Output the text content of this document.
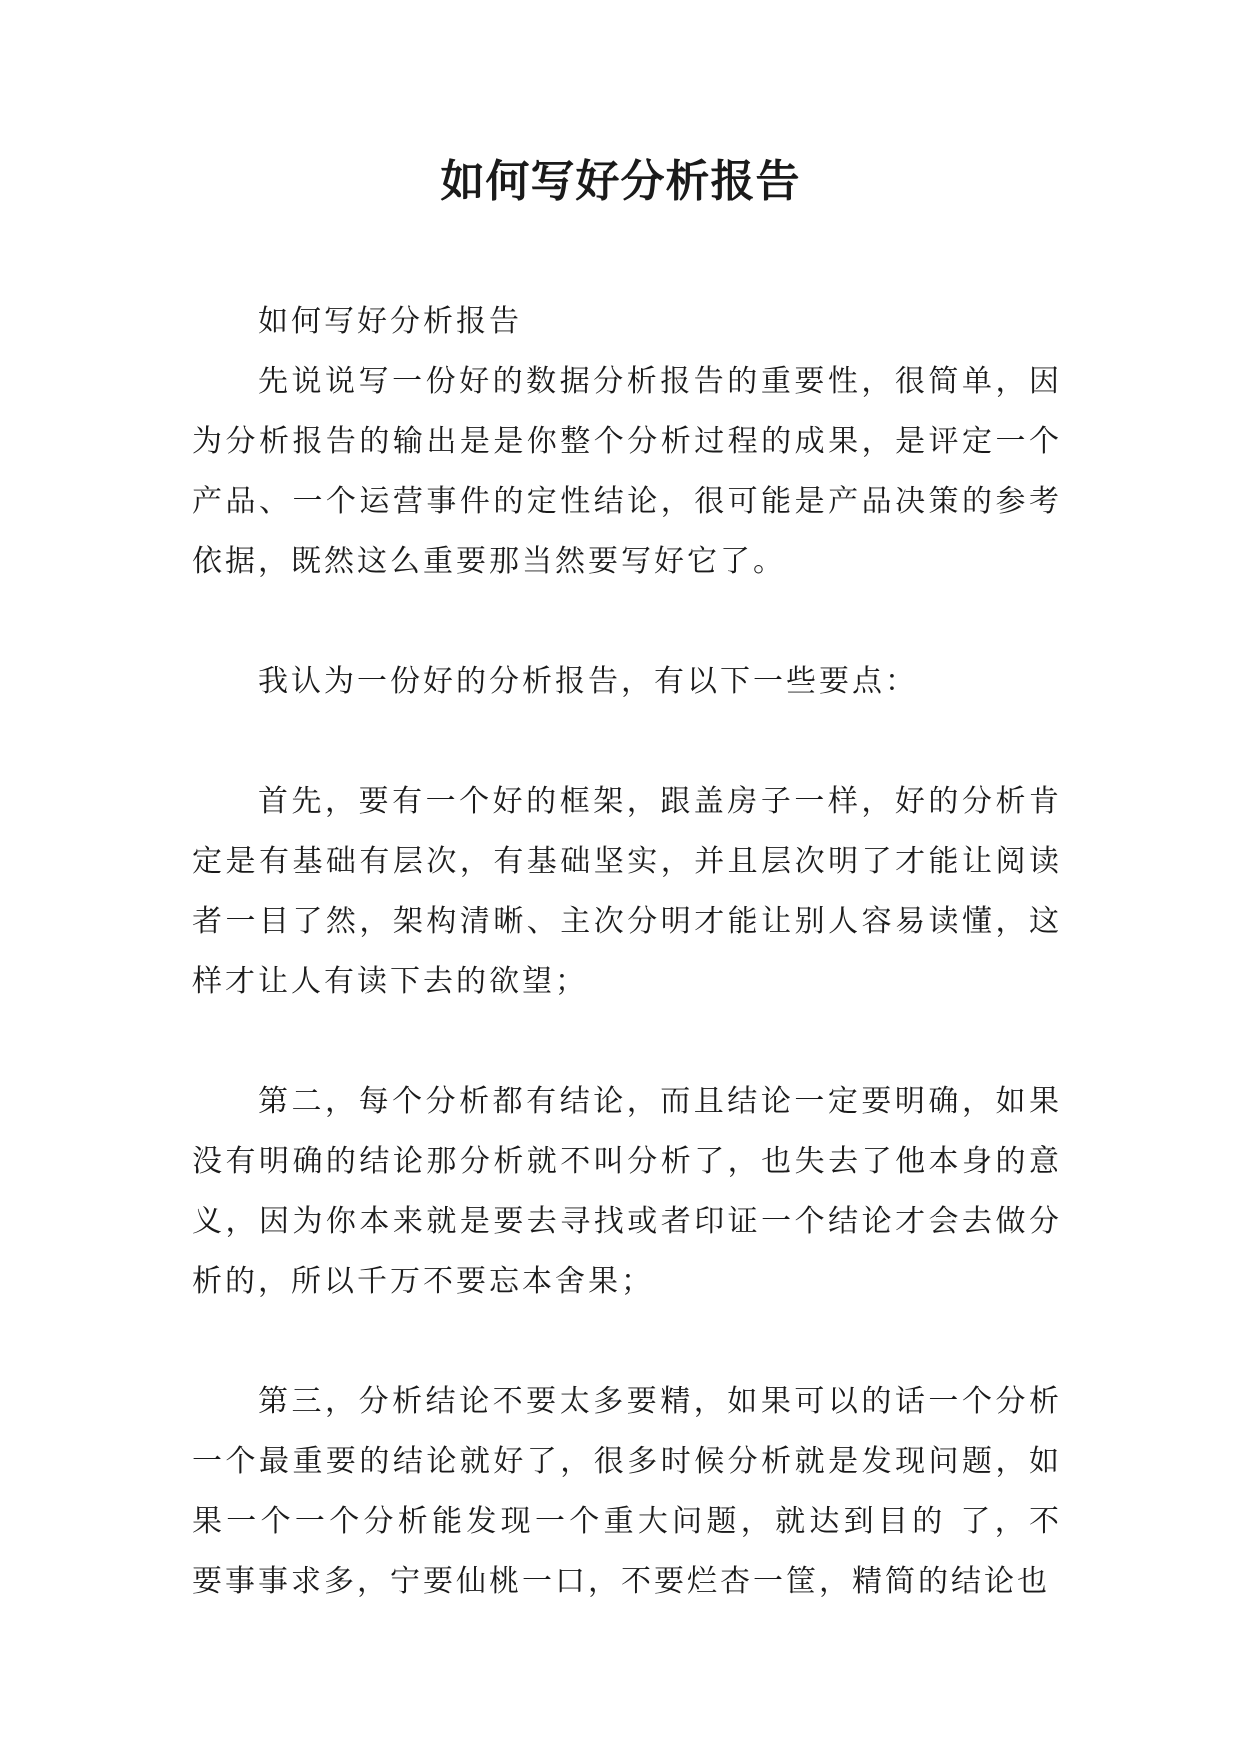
如何写好分析报告

如何写好分析报告

先说说写一份好的数据分析报告的重要性，很简单，因为分析报告的输出是是你整个分析过程的成果，是评定一个产品、一个运营事件的定性结论，很可能是产品决策的参考依据，既然这么重要那当然要写好它了。

我认为一份好的分析报告，有以下一些要点：

首先，要有一个好的框架，跟盖房子一样，好的分析肯定是有基础有层次，有基础坚实，并且层次明了才能让阅读者一目了然，架构清晰、主次分明才能让别人容易读懂，这样才让人有读下去的欲望；

第二，每个分析都有结论，而且结论一定要明确，如果没有明确的结论那分析就不叫分析了，也失去了他本身的意义，因为你本来就是要去寻找或者印证一个结论才会去做分析的，所以千万不要忘本舍果；

第三，分析结论不要太多要精，如果可以的话一个分析一个最重要的结论就好了，很多时候分析就是发现问题，如果一个一个分析能发现一个重大问题，就达到目的 了，不要事事求多，宁要仙桃一口，不要烂杏一筐，精简的结论也
